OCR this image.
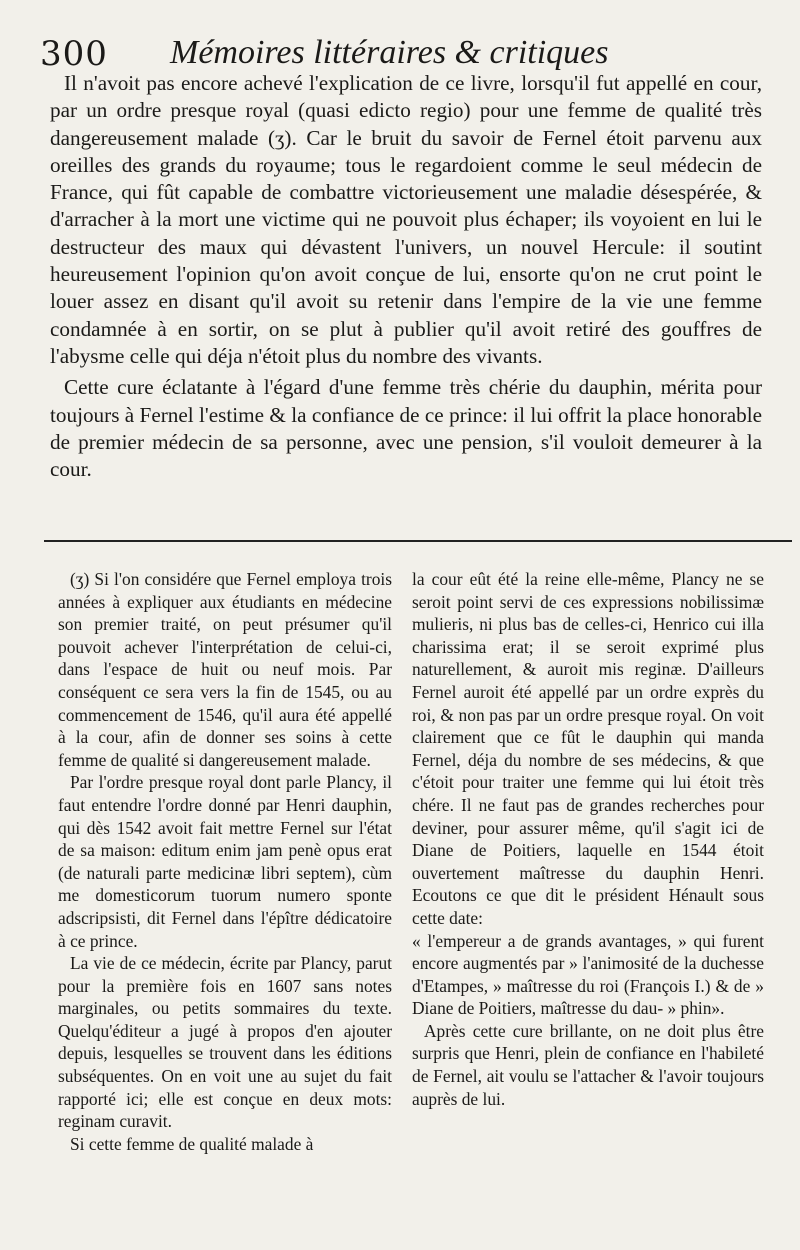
300 Mémoires littéraires & critiques

Il n'avoit pas encore achevé l'explication de ce livre, lorsqu'il fut appellé en cour, par un ordre presque royal (quasi edicto regio) pour une femme de qualité très dangereusement malade (ʒ). Car le bruit du savoir de Fernel étoit parvenu aux oreilles des grands du royaume; tous le regardoient comme le seul médecin de France, qui fût capable de combattre victorieusement une maladie désespérée, & d'arracher à la mort une victime qui ne pouvoit plus échaper; ils voyoient en lui le destructeur des maux qui dévastent l'univers, un nouvel Hercule: il soutint heureusement l'opinion qu'on avoit conçue de lui, ensorte qu'on ne crut point le louer assez en disant qu'il avoit su retenir dans l'empire de la vie une femme condamnée à en sortir, on se plut à publier qu'il avoit retiré des gouffres de l'abysme celle qui déja n'étoit plus du nombre des vivants.

Cette cure éclatante à l'égard d'une femme très chérie du dauphin, mérita pour toujours à Fernel l'estime & la confiance de ce prince: il lui offrit la place honorable de premier médecin de sa personne, avec une pension, s'il vouloit demeurer à la cour.

(ʒ) Si l'on considére que Fernel employa trois années à expliquer aux étudiants en médecine son premier traité, on peut présumer qu'il pouvoit achever l'interprétation de celui-ci, dans l'espace de huit ou neuf mois. Par conséquent ce sera vers la fin de 1545, ou au commencement de 1546, qu'il aura été appellé à la cour, afin de donner ses soins à cette femme de qualité si dangereusement malade.

Par l'ordre presque royal dont parle Plancy, il faut entendre l'ordre donné par Henri dauphin, qui dès 1542 avoit fait mettre Fernel sur l'état de sa maison: editum enim jam penè opus erat (de naturali parte medicinæ libri septem), cùm me domesticorum tuorum numero sponte adscripsisti, dit Fernel dans l'épître dédicatoire à ce prince.

La vie de ce médecin, écrite par Plancy, parut pour la première fois en 1607 sans notes marginales, ou petits sommaires du texte. Quelqu'éditeur a jugé à propos d'en ajouter depuis, lesquelles se trouvent dans les éditions subséquentes. On en voit une au sujet du fait rapporté ici; elle est conçue en deux mots: reginam curavit.

Si cette femme de qualité malade à

la cour eût été la reine elle-même, Plancy ne se seroit point servi de ces expressions nobilissimæ mulieris, ni plus bas de celles-ci, Henrico cui illa charissima erat; il se seroit exprimé plus naturellement, & auroit mis reginæ. D'ailleurs Fernel auroit été appellé par un ordre exprès du roi, & non pas par un ordre presque royal. On voit clairement que ce fût le dauphin qui manda Fernel, déja du nombre de ses médecins, & que c'étoit pour traiter une femme qui lui étoit très chére. Il ne faut pas de grandes recherches pour deviner, pour assurer même, qu'il s'agit ici de Diane de Poitiers, laquelle en 1544 étoit ouvertement maîtresse du dauphin Henri. Ecoutons ce que dit le président Hénault sous cette date:

« l'empereur a de grands avantages, » qui furent encore augmentés par » l'animosité de la duchesse d'Etampes, » maîtresse du roi (François I.) & de » Diane de Poitiers, maîtresse du dau- » phin».

Après cette cure brillante, on ne doit plus être surpris que Henri, plein de confiance en l'habileté de Fernel, ait voulu se l'attacher & l'avoir toujours auprès de lui.
